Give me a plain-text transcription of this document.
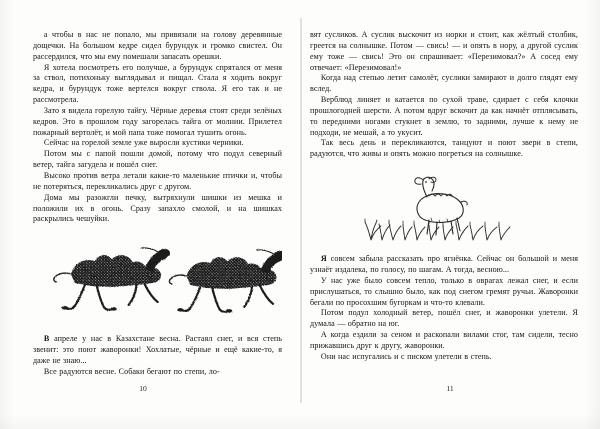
а чтобы в нас не попало, мы привязали на голову деревянные дощечки. На большом кедре сидел бурундук и громко свистел. Он рассердился, что мы ему помешали запасать орешки.

Я хотела посмотреть его получше, а бурундук спрятался от меня за ствол, потихоньку выглядывал и пищал. Стала я ходить вокруг кедра, и бурундук тоже вертелся вокруг ствола. Я его так и не рассмотрела.

Зато я видела горелую тайгу. Чёрные деревья стоят среди зелёных кедров. Это в прошлом году загорелась тайга от молнии. Прилетел пожарный вертолёт, и мой папа тоже помогал тушить огонь.

Сейчас на горелой земле уже выросли кустики черники.

Потом мы с папой пошли домой, потому что подул северный ветер, тайга загудела и пошёл снег.

Высоко против ветра летали какие-то маленькие птички и, чтобы не потеряться, перекликались друг с другом.

Дома мы разожгли печку, вытряхнули шишки из мешка и положили их в огонь. Сразу запахло смолой, и на шишках раскрылись чешуйки.

В апреле у нас в Казахстане весна. Растаял снег, и вся степь звенит: это поют жаворонки! Хохлатые, чёрные и ещё какие-то, я даже не знаю...

Все радуются весне. Собаки бегают по степи, ло-

10

вят сусликов. А суслик выскочит из норки и стоит, как жёлтый столбик, греется на солнышке. Потом — свись! — и опять в нору, а другой суслик ему тоже — свись! Это он спрашивает: «Перезимовал?» А сосед ему отвечает: «Перезимовал!»

Когда над степью летит самолёт, суслики замирают и долго глядят ему вслед.

Верблюд линяет и катается по сухой траве, сдирает с себя клочки прошлогодней шерсти. А потом вдруг вскочит да как начнёт отплясывать, то передними ногами стукнет в землю, то задними, лучше к нему не подходи, не мешай, а то укусит.

Так весь день и перекликаются, танцуют и поют звери в степи, радуются, что живы и опять можно погреться на солнышке.

Я совсем забыла рассказать про ягнёнка. Сейчас он большой и меня узнаёт издалека, по голосу, по шагам. А тогда, весною...

У нас уже было совсем тепло, только в оврагах лежал снег, и если прислушаться, то слышно было, как под снегом гремят ручьи. Жаворонки бегали по просохшим бугоркам и что-то клевали.

Потом подул холодный ветер, пошёл снег, и жаворонки улетели. Я думала — обратно на юг.

А когда ездили за сеном и раскопали вилами стог, там сидели, тесно прижавшись друг к другу, жаворонки.

Они нас испугались и с писком улетели в степь.

11
